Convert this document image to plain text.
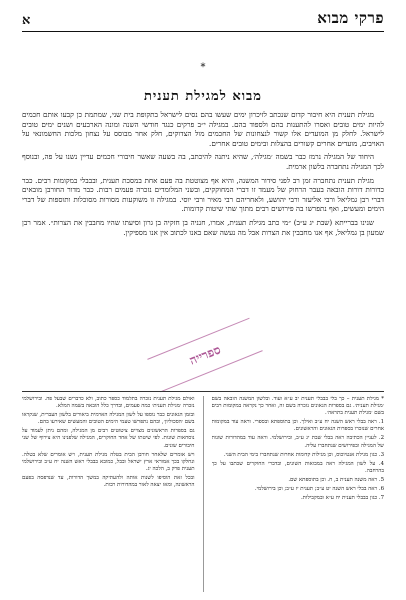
פרקי מבוא
א
*
מבוא למגילת תענית

מגילת תענית היא חיבור קדום שנכתב לזיכרון ימים שעשו בהם נסים לישראל בתקופת בית שני, שמתמת כן קבעו אותם חכמים להיות ימים טובים ואסרו להתענות בהם ולספוד בהם. במגילה י״ב פרקים כנגד חודשי השנה ומונה הארבעים ושנים ימים טובים לישראל. לחלק מן המועדים אלו קשור לנצחונות של החכמים מול הצדוקים, חלק אחר מבוסס על נצחון מלכות החשמונאי על האויבים, מועדים אחרים קשורים בהצלות ובימים טובים אחרים.

היחוד של המגילה נרמז כבר בשמה ׳מגילה׳, שהיא ניתנה להיכתב, בה בשעה שאשר חיבורי חכמים עדיין נשנו על פה, ובנוסף לכך המגילה נתחברה בלשון ארמית.

מגילת תענית נתחברה זמן רב לפני סידור המשנה, והיא אף מצוטטת בה פעם אחת במסכת תענית, ובבבלי במקומות רבים. כבר כדורות דורות הובאה בעבר הרחוק של מעמד זו דברי המחוקקים, ובשני המלומדים נזכרה פעמים רבות. כבר מדור החורבן מובאים דברי רבן גמליאל ורבי אליעזר ורבי יהושע, ולאחריהם רבי מאיר ורבי יוסי. במגילה זו משוקעות מסורות מסוכלות ותוספות של דברי הימים ומעשים, ואף נתפרשו בה פירושים רבים מתוך שתי שיטות קדומות.

שנינו בברייתא (שבת יג ע״ב) ״מי כתב מגילת תענית, אמרו, חנניה בן חזקיה בן גרון וסיעתו שהיו מחבבין את הצרות״. אמר רבן שמעון בן גמליאל, אף אנו מחבבין את הצרות אבל מה נעשה שאם באנו לכתוב אין אנו מספיקין.

ספרייה

* מגילת תענית – כך בלי בבבלי תענית יב ע״א ועוד. ובלשון המשנה הובאה בשם ׳מגילת תענית׳. גם בספרות הגאונים נזכרה בשם זה, ואחר כך נקראה במקומות רבים בשם ׳מגילת תענית בתראה׳.

1. ראה בבלי ראש השנה יח ע״ב ואילך. וכן בתוספתא ובספרי. וראה עוד במקומות אחרים שנזכרו בספרות הגאונים והראשונים.

2. לעניין הכתיבה ראה בבלי שבת יג ע״ב, ובירושלמי. וראה עוד במהדורות שונות של המגילה ובפירושים שנתחברו עליה.

3. כגון מגילת אנטיוכוס, וכן מגילות קדומות אחרות שנתחברו בימי הבית השני.

4. על לשון המגילה ראה במבואות השונים, ובדברי החוקרים שכתבו על כך בהרחבה.

5. ראה משנה תענית ב, ח. וכן בתוספתא שם.

6. ראה בבלי ראש השנה יט ע״ב; תענית יז ע״ב; וכן בירושלמי.

7. כגון בבבלי תענית יח ע״א ובמקבילות.

ואולם מגילת תענית נזכרה בתלמוד כספר כתוב, ולא כדברים שבעל פה. ובירושלמי נזכרה ׳מגילת תענית׳ כמה פעמים, ובדרך כלל הובאה בשמה המלא.

ובזמן הגאונים כבר נוספו על לשון המגילה הארמית ביאורים בלשון העברית, שנקראו בשם ׳הסכוליון׳, ובהם נתפרשו טעמי הימים הטובים והמעשים שאירעו בהם.

גם בספרות הראשונים מצויים ציטוטים רבים מן המגילה, ומהם ניתן לעמוד על נוסחאות שונות. לפי שיטתו של אחד החוקרים, המגילה שלפנינו היא צירוף של שני חיבורים שונים.

ויש אומרים שלאחר חורבן הבית בטלה מגילת תענית, ויש אומרים שלא בטלה. ונחלקו בכך אמוראי ארץ ישראל ובבל, כמובא בבבלי ראש השנה יח ע״ב ובירושלמי תענית פרק ב, הלכה יג.

ובכל זאת הוסיפו לשנות אותה ולהעתיקה במשך הדורות, עד שנדפסה בפעם הראשונה, ומאז יצאה לאור במהדורות רבות.
